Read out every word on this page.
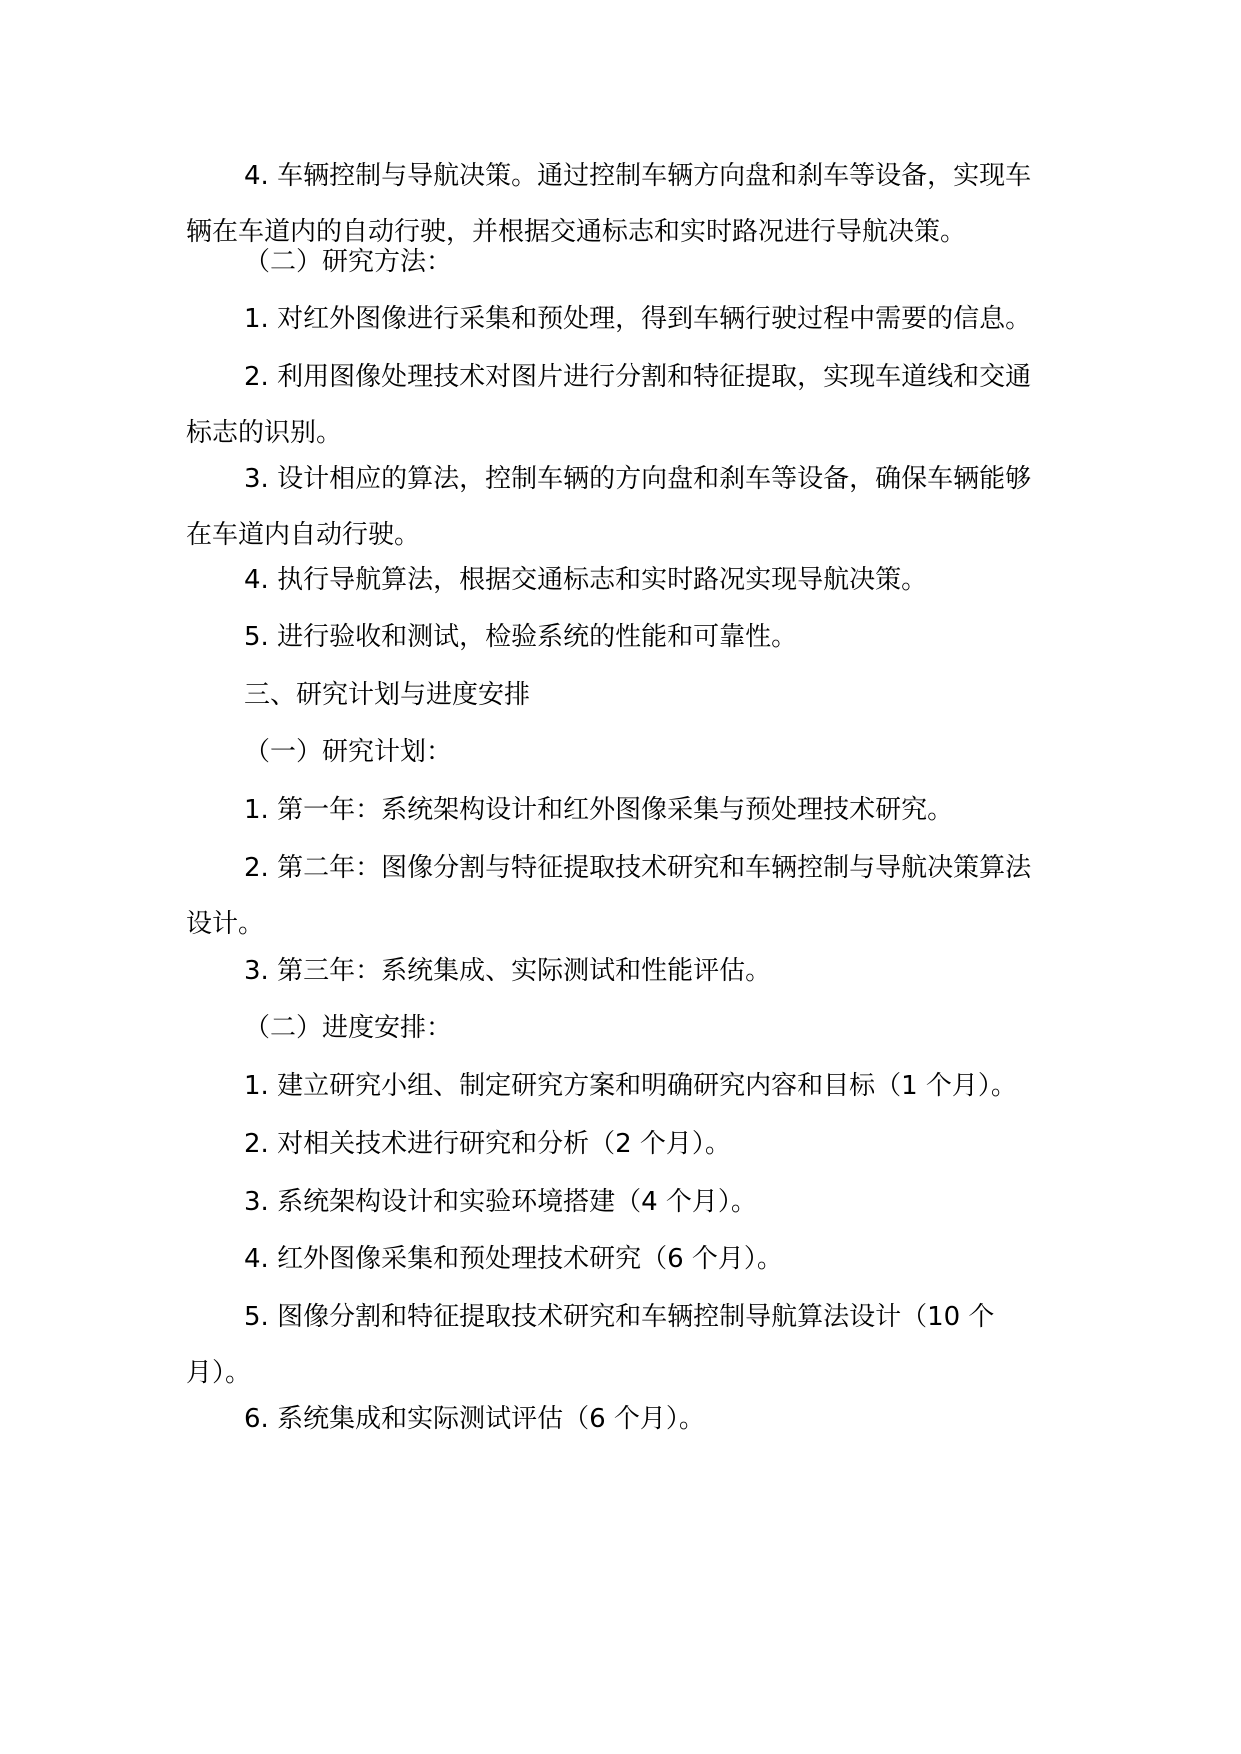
4. 车辆控制与导航决策。通过控制车辆方向盘和刹车等设备，实现车辆在车道内的自动行驶，并根据交通标志和实时路况进行导航决策。

（二）研究方法：

1. 对红外图像进行采集和预处理，得到车辆行驶过程中需要的信息。

2. 利用图像处理技术对图片进行分割和特征提取，实现车道线和交通标志的识别。

3. 设计相应的算法，控制车辆的方向盘和刹车等设备，确保车辆能够在车道内自动行驶。

4. 执行导航算法，根据交通标志和实时路况实现导航决策。

5. 进行验收和测试，检验系统的性能和可靠性。

三、研究计划与进度安排

（一）研究计划：

1. 第一年：系统架构设计和红外图像采集与预处理技术研究。

2. 第二年：图像分割与特征提取技术研究和车辆控制与导航决策算法设计。

3. 第三年：系统集成、实际测试和性能评估。

（二）进度安排：

1. 建立研究小组、制定研究方案和明确研究内容和目标（1 个月）。

2. 对相关技术进行研究和分析（2 个月）。

3. 系统架构设计和实验环境搭建（4 个月）。

4. 红外图像采集和预处理技术研究（6 个月）。

5. 图像分割和特征提取技术研究和车辆控制导航算法设计（10 个月）。

6. 系统集成和实际测试评估（6 个月）。
